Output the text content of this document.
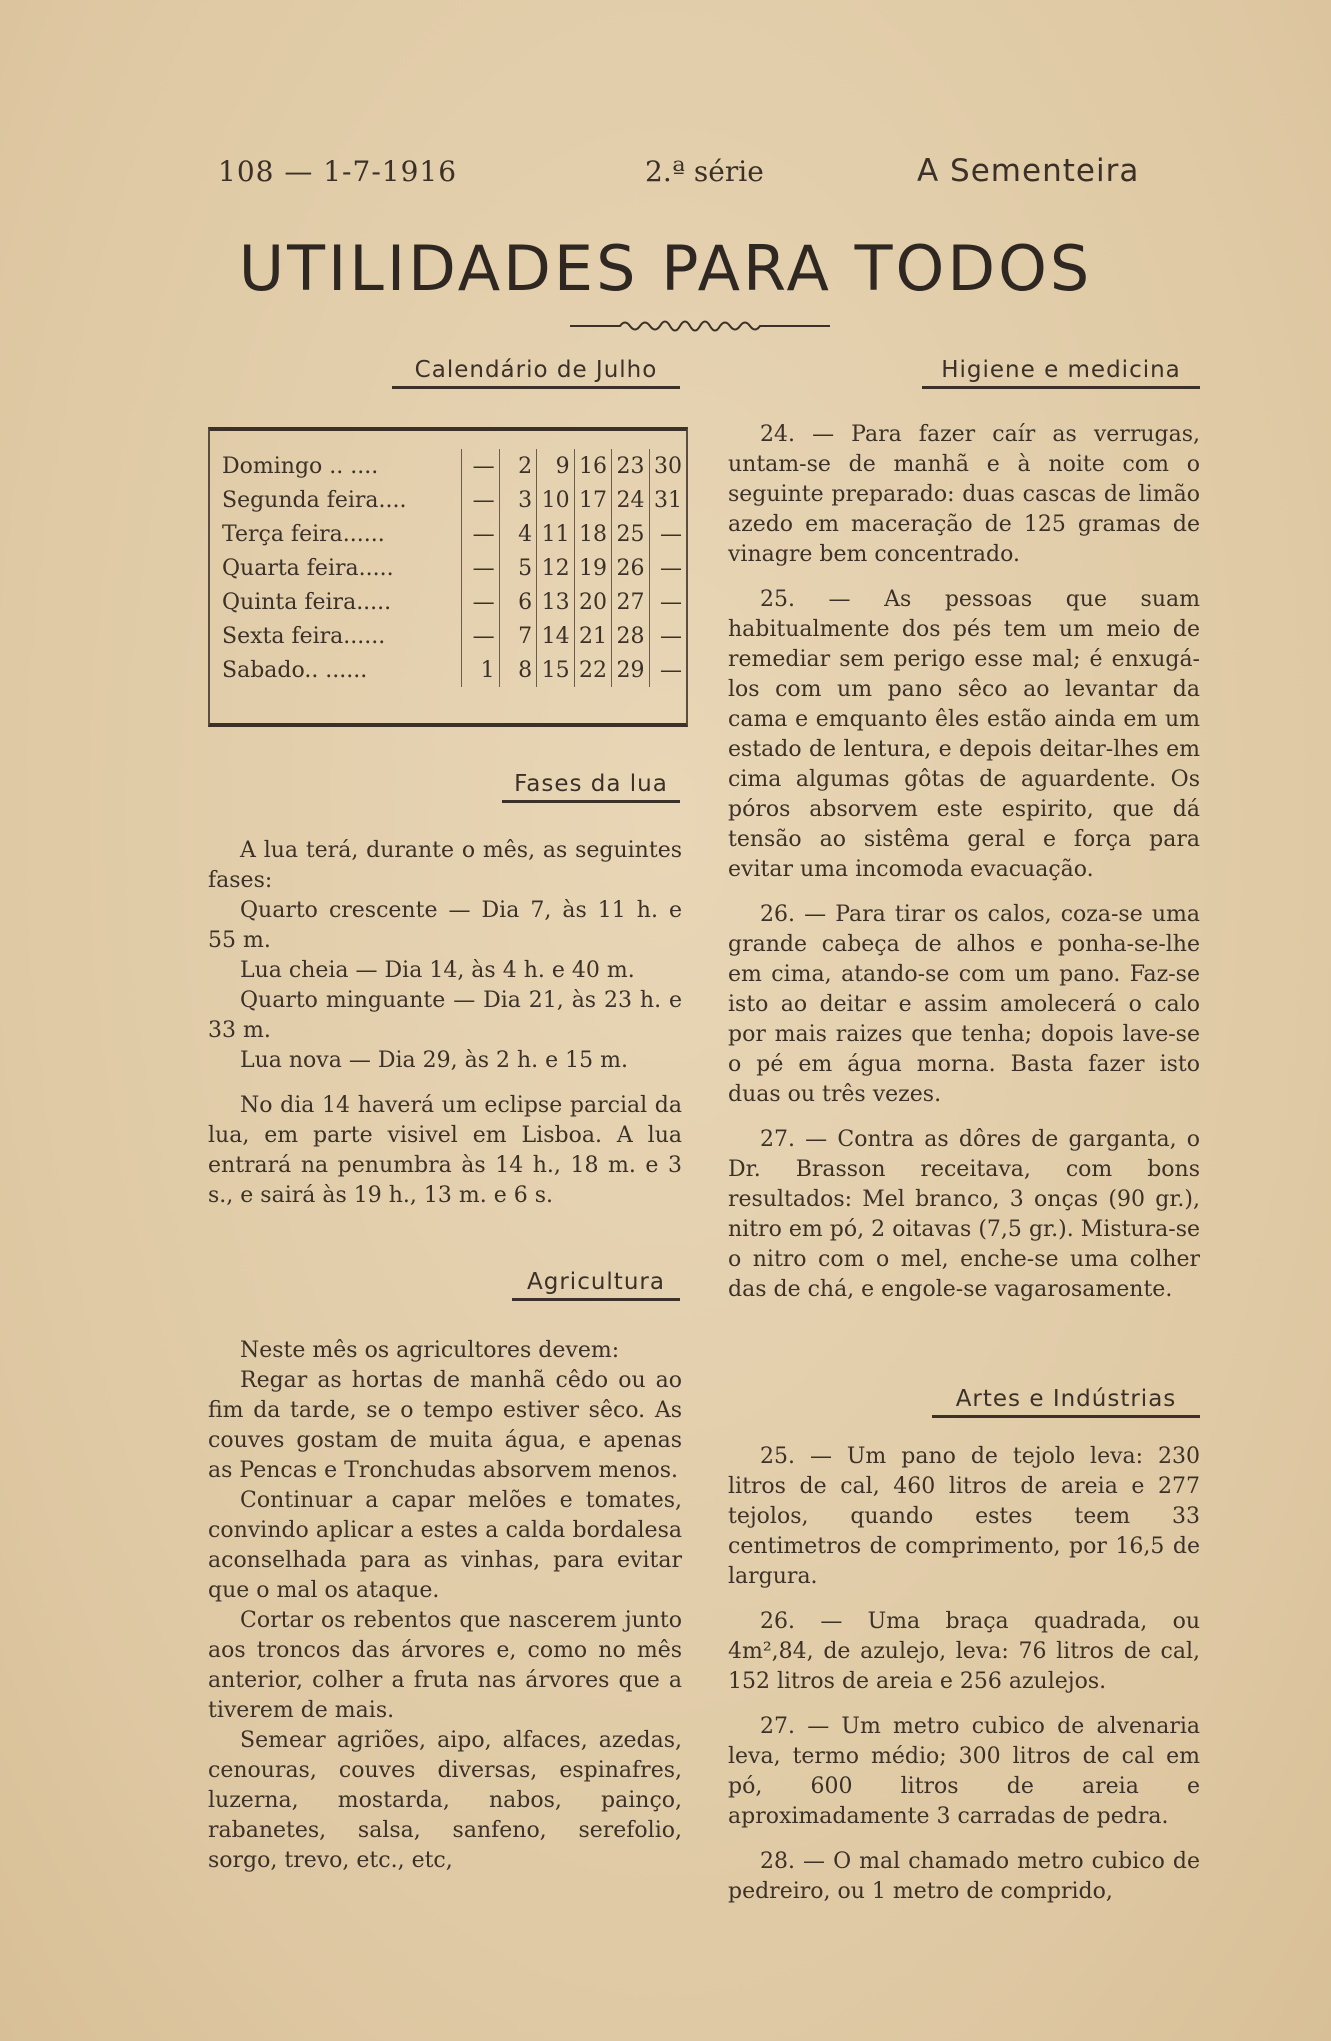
108 — 1-7-1916	2.ª série	A Sementeira
UTILIDADES PARA TODOS
Calendário de Julho
Domingo .. ....	—	2	9	16	23	30
Segunda feira....	—	3	10	17	24	31
Terça feira......	—	4	11	18	25	—
Quarta feira.....	—	5	12	19	26	—
Quinta feira.....	—	6	13	20	27	—
Sexta feira......	—	7	14	21	28	—
Sabado.. ......	1	8	15	22	29	—
Fases da lua

A lua terá, durante o mês, as seguintes fases:

Quarto crescente — Dia 7, às 11 h. e 55 m.

Lua cheia — Dia 14, às 4 h. e 40 m.

Quarto minguante — Dia 21, às 23 h. e 33 m.

Lua nova — Dia 29, às 2 h. e 15 m.

No dia 14 haverá um eclipse parcial da lua, em parte visivel em Lisboa. A lua entrará na penumbra às 14 h., 18 m. e 3 s., e sairá às 19 h., 13 m. e 6 s.

Agricultura

Neste mês os agricultores devem:

Regar as hortas de manhã cêdo ou ao fim da tarde, se o tempo estiver sêco. As couves gostam de muita água, e apenas as Pencas e Tronchudas absorvem menos.

Continuar a capar melões e tomates, convindo aplicar a estes a calda bordalesa aconselhada para as vinhas, para evitar que o mal os ataque.

Cortar os rebentos que nascerem junto aos troncos das árvores e, como no mês anterior, colher a fruta nas árvores que a tiverem de mais.

Semear agriões, aipo, alfaces, azedas, cenouras, couves diversas, espinafres, luzerna, mostarda, nabos, painço, rabanetes, salsa, sanfeno, serefolio, sorgo, trevo, etc., etc,

Higiene e medicina

24. — Para fazer caír as verrugas, untam-se de manhã e à noite com o seguinte preparado: duas cascas de limão azedo em maceração de 125 gramas de vinagre bem concentrado.

25. — As pessoas que suam habitualmente dos pés tem um meio de remediar sem perigo esse mal; é enxugá-los com um pano sêco ao levantar da cama e emquanto êles estão ainda em um estado de lentura, e depois deitar-lhes em cima algumas gôtas de aguardente. Os póros absorvem este espirito, que dá tensão ao sistêma geral e força para evitar uma incomoda evacuação.

26. — Para tirar os calos, coza-se uma grande cabeça de alhos e ponha-se-lhe em cima, atando-se com um pano. Faz-se isto ao deitar e assim amolecerá o calo por mais raizes que tenha; dopois lave-se o pé em água morna. Basta fazer isto duas ou três vezes.

27. — Contra as dôres de garganta, o Dr. Brasson receitava, com bons resultados: Mel branco, 3 onças (90 gr.), nitro em pó, 2 oitavas (7,5 gr.). Mistura-se o nitro com o mel, enche-se uma colher das de chá, e engole-se vagarosamente.

Artes e Indústrias

25. — Um pano de tejolo leva: 230 litros de cal, 460 litros de areia e 277 tejolos, quando estes teem 33 centimetros de comprimento, por 16,5 de largura.

26. — Uma braça quadrada, ou 4m²,84, de azulejo, leva: 76 litros de cal, 152 litros de areia e 256 azulejos.

27. — Um metro cubico de alvenaria leva, termo médio; 300 litros de cal em pó, 600 litros de areia e aproximadamente 3 carradas de pedra.

28. — O mal chamado metro cubico de pedreiro, ou 1 metro de comprido,
